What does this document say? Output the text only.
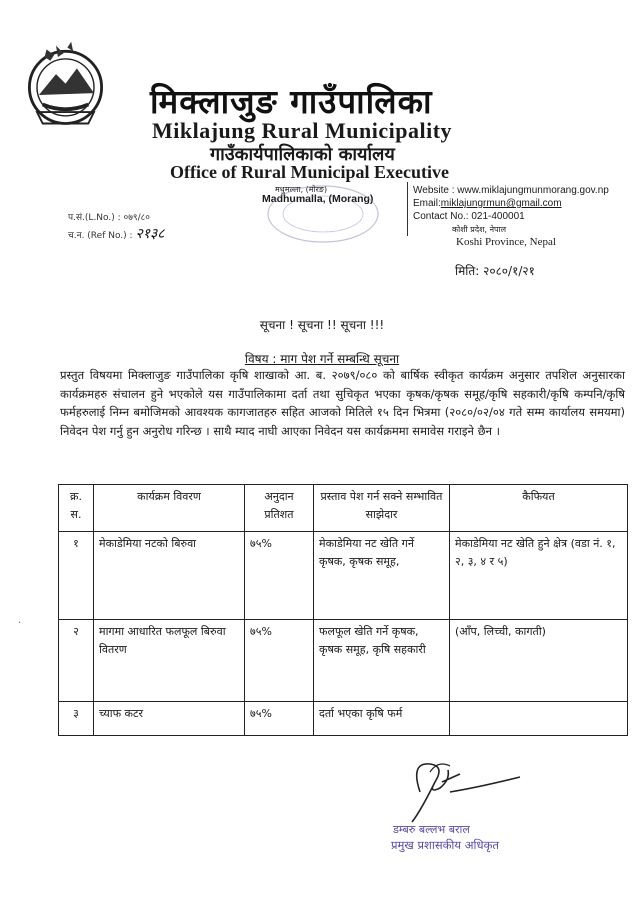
मिक्लाजुङ गाउँपालिका
Miklajung Rural Municipality
गाउँकार्यपालिकाको कार्यालय
Office of Rural Municipal Executive
मधुमल्ला, (मोरङ)
Madhumalla, (Morang)
Website : www.miklajungmunmorang.gov.np
Email:miklajungrmun@gmail.com
Contact No.: 021-400001
कोशी प्रदेश, नेपाल
Koshi Province, Nepal
प.सं.(L.No.) : ०७९/८०
च.न. (Ref No.) : २१३८
मिति: २०८०/१/२१
सूचना ! सूचना !! सूचना !!!
विषय : माग पेश गर्ने सम्बन्धि सूचना
प्रस्तुत विषयमा मिक्लाजुङ गाउँपालिका कृषि शाखाको आ. ब. २०७९/०८० को बार्षिक स्वीकृत कार्यक्रम अनुसार तपशिल अनुसारका कार्यक्रमहरु संचालन हुने भएकोले यस गाउँपालिकामा दर्ता तथा सुचिकृत भएका कृषक/कृषक समूह/कृषि सहकारी/कृषि कम्पनि/कृषि फर्महरुलाई निम्न बमोजिमको आवश्यक कागजातहरु सहित आजको मितिले १५ दिन भित्रमा (२०८०/०२/०४ गते सम्म कार्यालय समयमा) निवेदन पेश गर्नु हुन अनुरोध गरिन्छ । साथै म्याद नाघी आएका निवेदन यस कार्यक्रममा समावेस गराइने छैन ।
क्र. स.	कार्यक्रम विवरण	अनुदान प्रतिशत	प्रस्ताव पेश गर्न सक्ने सम्भावित साझेदार	कैफियत
१	मेकाडेमिया नटको बिरुवा	७५%	मेकाडेमिया नट खेति गर्ने कृषक, कृषक समूह,	मेकाडेमिया नट खेति हुने क्षेत्र (वडा नं. १, २, ३, ४ र ५)
२	मागमा आधारित फलफूल बिरुवा वितरण	७५%	फलफूल खेति गर्ने कृषक, कृषक समूह, कृषि सहकारी	(आँप, लिच्ची, कागती)
३	च्याफ कटर	७५%	दर्ता भएका कृषि फर्म	
·
डम्बरु बल्लभ बराल
प्रमुख प्रशासकीय अधिकृत
